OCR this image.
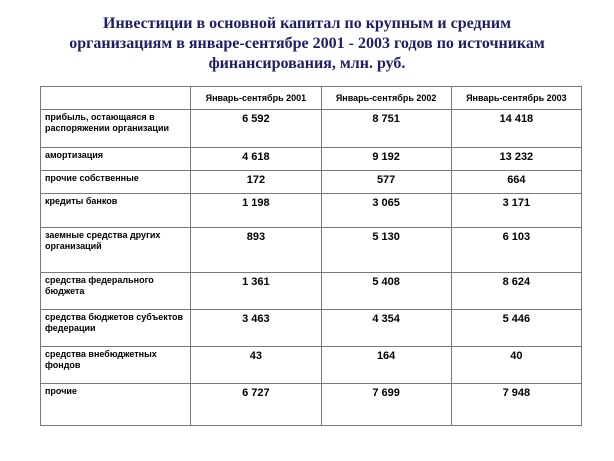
Инвестиции в основной капитал по крупным и средним
организациям в январе-сентябре 2001 - 2003 годов по источникам
финансирования, млн. руб.
	Январь-сентябрь 2001	Январь-сентябрь 2002	Январь-сентябрь 2003
прибыль, остающаяся в распоряжении организации	6 592	8 751	14 418
амортизация	4 618	9 192	13 232
прочие собственные	172	577	664
кредиты банков	1 198	3 065	3 171
заемные средства других организаций	893	5 130	6 103
средства федерального бюджета	1 361	5 408	8 624
средства бюджетов субъектов федерации	3 463	4 354	5 446
средства внебюджетных фондов	43	164	40
прочие	6 727	7 699	7 948
